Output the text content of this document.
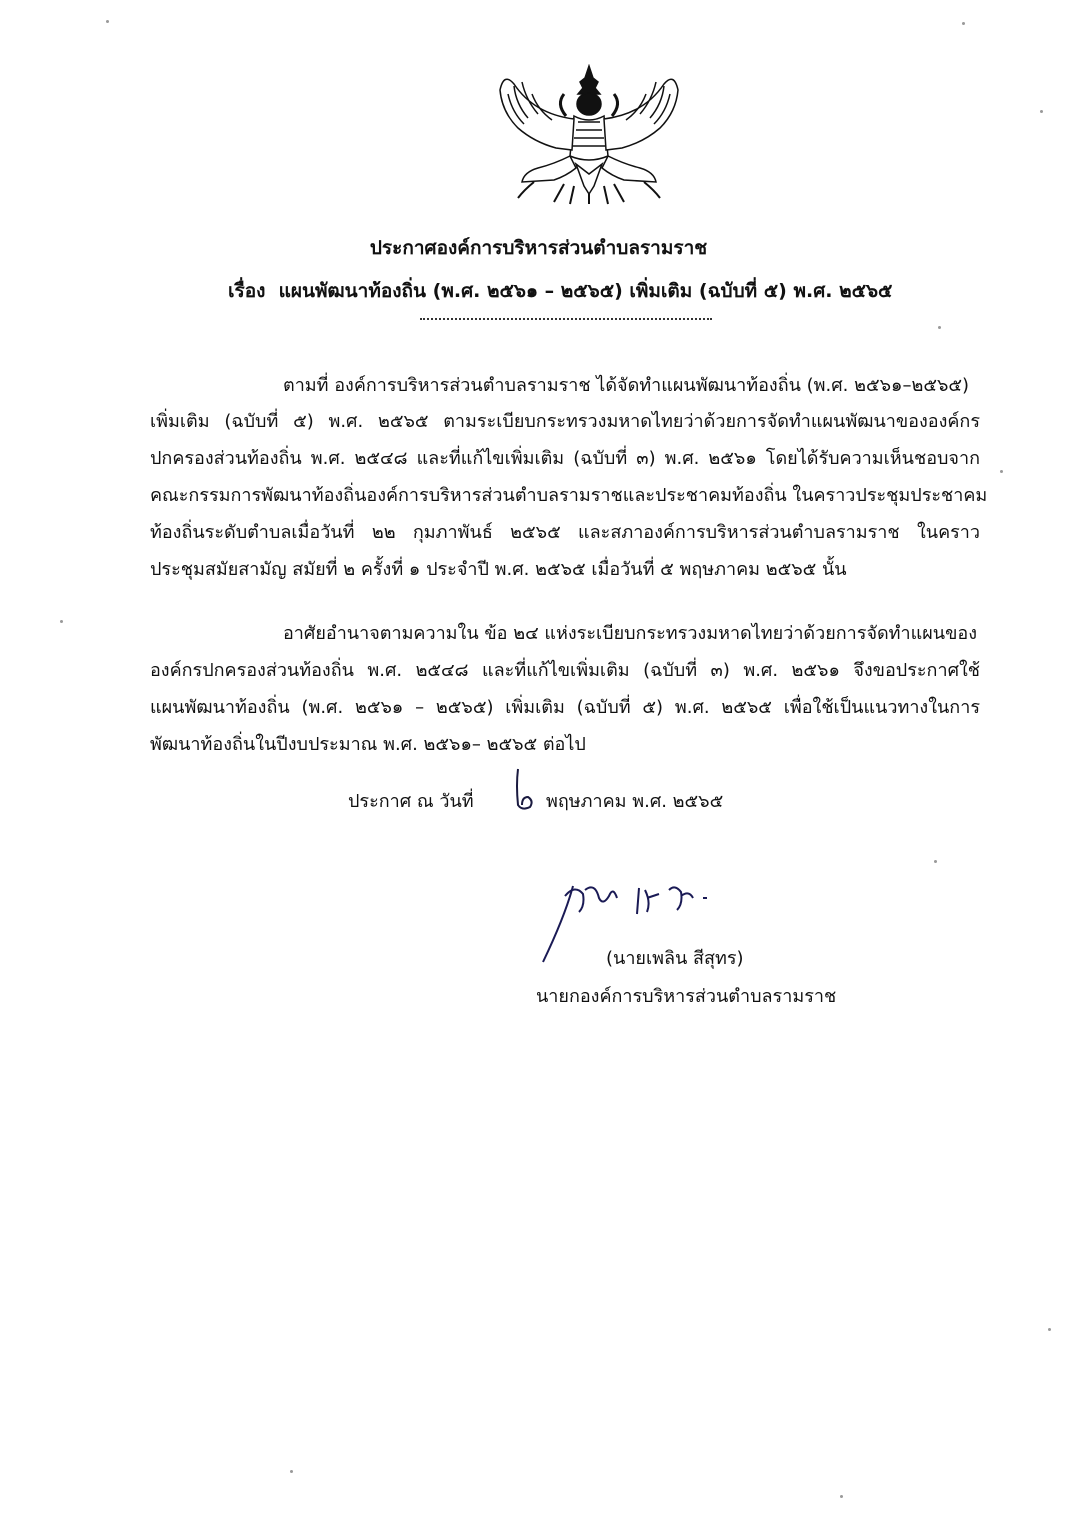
ประกาศองค์การบริหารส่วนตำบลรามราช
เรื่อง แผนพัฒนาท้องถิ่น (พ.ศ. ๒๕๖๑ – ๒๕๖๕) เพิ่มเติม (ฉบับที่ ๕) พ.ศ. ๒๕๖๕
ตามที่ องค์การบริหารส่วนตำบลรามราช ได้จัดทำแผนพัฒนาท้องถิ่น (พ.ศ. ๒๕๖๑–๒๕๖๕)
เพิ่มเติม (ฉบับที่ ๕) พ.ศ. ๒๕๖๕ ตามระเบียบกระทรวงมหาดไทยว่าด้วยการจัดทำแผนพัฒนาขององค์กร
ปกครองส่วนท้องถิ่น พ.ศ. ๒๕๔๘ และที่แก้ไขเพิ่มเติม (ฉบับที่ ๓) พ.ศ. ๒๕๖๑ โดยได้รับความเห็นชอบจาก
คณะกรรมการพัฒนาท้องถิ่นองค์การบริหารส่วนตำบลรามราชและประชาคมท้องถิ่น ในคราวประชุมประชาคม
ท้องถิ่นระดับตำบลเมื่อวันที่ ๒๒ กุมภาพันธ์ ๒๕๖๕ และสภาองค์การบริหารส่วนตำบลรามราช ในคราว
ประชุมสมัยสามัญ สมัยที่ ๒ ครั้งที่ ๑ ประจำปี พ.ศ. ๒๕๖๕ เมื่อวันที่ ๕ พฤษภาคม ๒๕๖๕ นั้น
อาศัยอำนาจตามความใน ข้อ ๒๔ แห่งระเบียบกระทรวงมหาดไทยว่าด้วยการจัดทำแผนของ
องค์กรปกครองส่วนท้องถิ่น พ.ศ. ๒๕๔๘ และที่แก้ไขเพิ่มเติม (ฉบับที่ ๓) พ.ศ. ๒๕๖๑ จึงขอประกาศใช้
แผนพัฒนาท้องถิ่น (พ.ศ. ๒๕๖๑ – ๒๕๖๕) เพิ่มเติม (ฉบับที่ ๕) พ.ศ. ๒๕๖๕ เพื่อใช้เป็นแนวทางในการ
พัฒนาท้องถิ่นในปีงบประมาณ พ.ศ. ๒๕๖๑– ๒๕๖๕ ต่อไป
ประกาศ ณ วันที่	พฤษภาคม พ.ศ. ๒๕๖๕
(นายเพลิน สีสุทร)
นายกองค์การบริหารส่วนตำบลรามราช
